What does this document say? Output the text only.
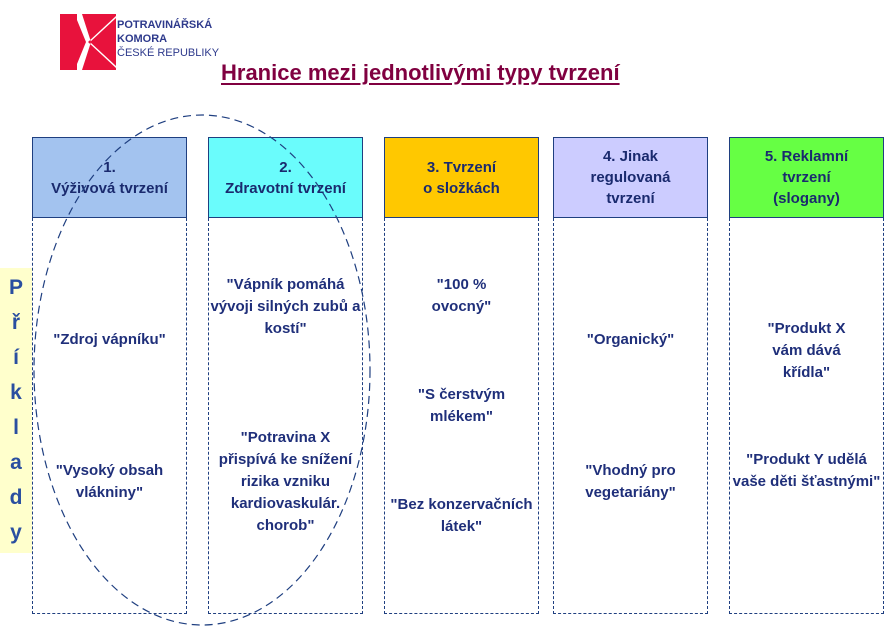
POTRAVINÁŘSKÁ
KOMORA
ČESKÉ REPUBLIKY
Hranice mezi jednotlivými typy tvrzení
P
ř
í
k
l
a
d
y
1.
Výživová tvrzení
"Zdroj vápníku"
"Vysoký obsah vlákniny"
2.
Zdravotní tvrzení
"Vápník pomáhá vývoji silných zubů a kostí"
"Potravina X přispívá ke snížení rizika vzniku kardiovaskulár. chorob"
3. Tvrzení
o složkách
"100 % ovocný"
"S čerstvým mlékem"
"Bez konzervačních látek"
4. Jinak
regulovaná
tvrzení
"Organický"
"Vhodný pro vegetariány"
5. Reklamní
tvrzení
(slogany)
"Produkt X vám dává křídla"
"Produkt Y udělá vaše děti šťastnými"
